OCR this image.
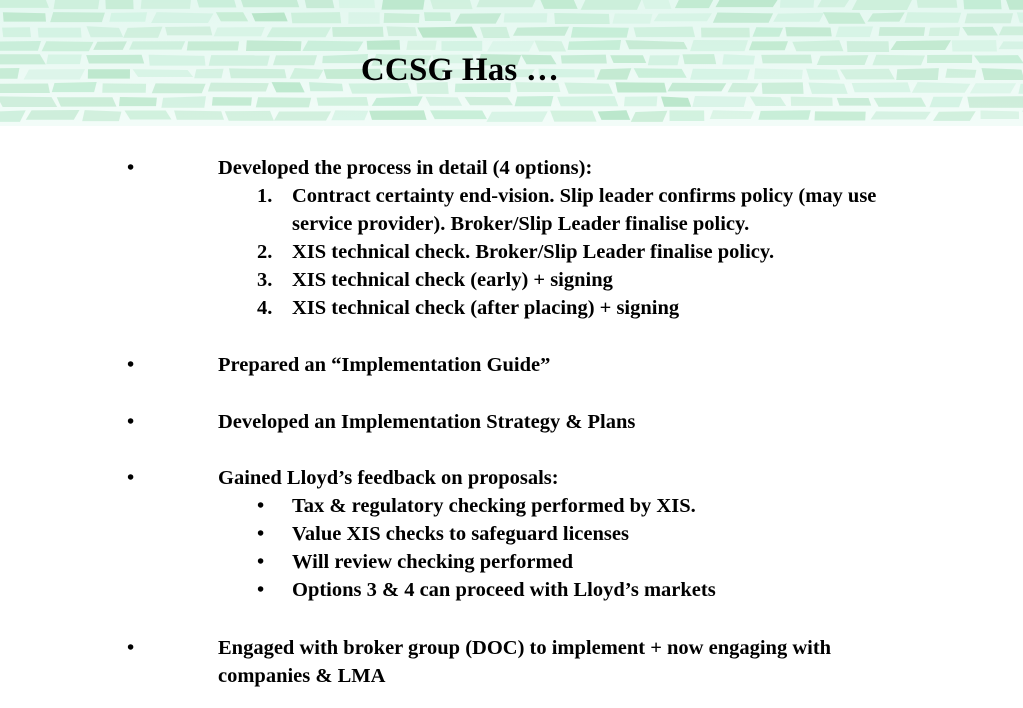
CCSG Has …
•	Developed the process in detail (4 options):
1. Contract certainty end-vision. Slip leader confirms policy (may use
service provider). Broker/Slip Leader finalise policy.
2. XIS technical check. Broker/Slip Leader finalise policy.
3. XIS technical check (early) + signing
4. XIS technical check (after placing) + signing
•	Prepared an “Implementation Guide”
•	Developed an Implementation Strategy & Plans
•	Gained Lloyd’s feedback on proposals:
•	Tax & regulatory checking performed by XIS.
•	Value XIS checks to safeguard licenses
•	Will review checking performed
•	Options 3 & 4 can proceed with Lloyd’s markets
•	Engaged with broker group (DOC) to implement + now engaging with
companies & LMA
